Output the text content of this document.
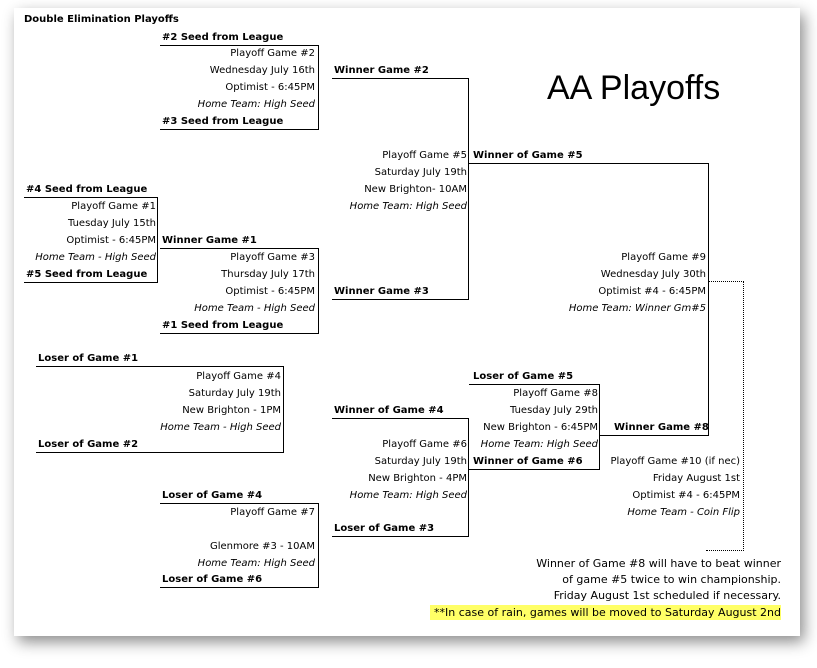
Double Elimination Playoffs
AA Playoffs
#2 Seed from League
Playoff Game #2
Wednesday July 16th
Optimist - 6:45PM
Home Team: High Seed
#3 Seed from League
Winner Game #2
#4 Seed from League
Playoff Game #1
Tuesday July 15th
Optimist - 6:45PM
Home Team - High Seed
#5 Seed from League
Winner Game #1
Playoff Game #3
Thursday July 17th
Optimist - 6:45PM
Home Team - High Seed
#1 Seed from League
Winner Game #3
Playoff Game #5
Saturday July 19th
New Brighton- 10AM
Home Team: High Seed
Winner of Game #5
Playoff Game #9
Wednesday July 30th
Optimist #4 - 6:45PM
Home Team: Winner Gm#5
Loser of Game #1
Playoff Game #4
Saturday July 19th
New Brighton - 1PM
Home Team - High Seed
Loser of Game #2
Winner of Game #4
Playoff Game #6
Saturday July 19th
New Brighton - 4PM
Home Team: High Seed
Winner of Game #6
Loser of Game #5
Playoff Game #8
Tuesday July 29th
New Brighton - 6:45PM
Home Team: High Seed
Winner Game #8
Playoff Game #10 (if nec)
Friday August 1st
Optimist #4 - 6:45PM
Home Team - Coin Flip
Loser of Game #4
Playoff Game #7
Glenmore #3 - 10AM
Home Team: High Seed
Loser of Game #6
Loser of Game #3
Winner of Game #8 will have to beat winner
of game #5 twice to win championship.
Friday August 1st scheduled if necessary.
**In case of rain, games will be moved to Saturday August 2nd
